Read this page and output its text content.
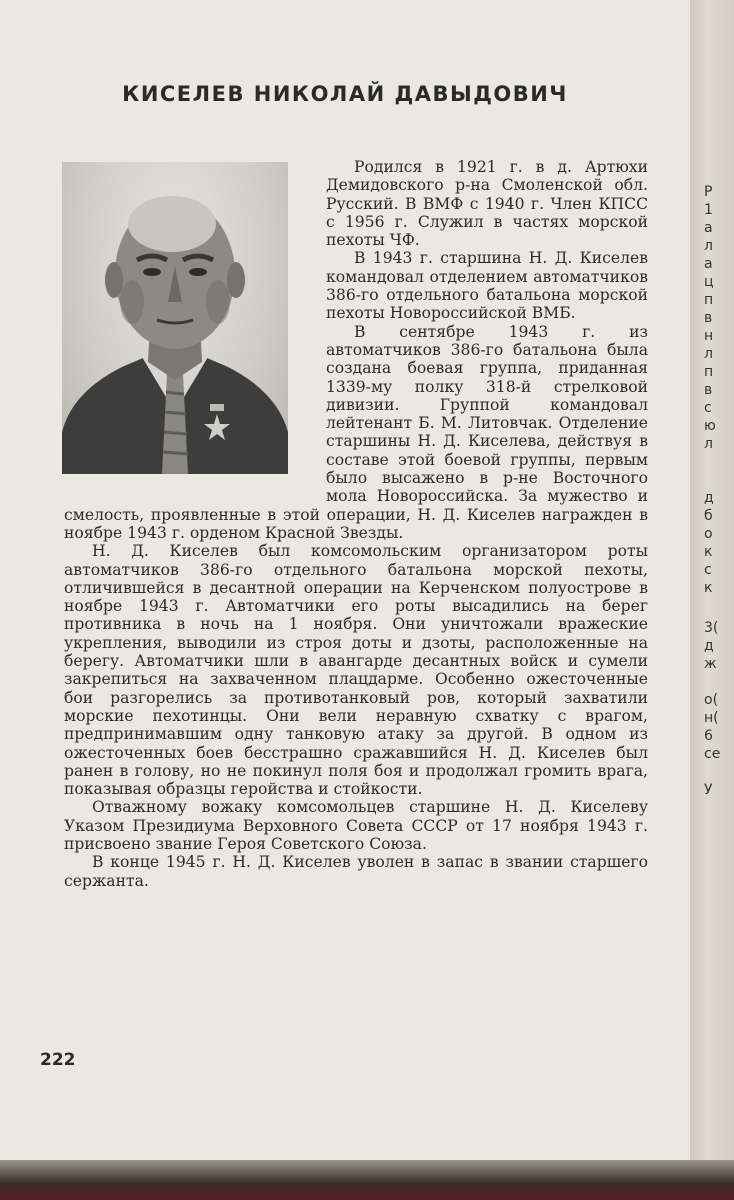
КИСЕЛЕВ НИКОЛАЙ ДАВЫДОВИЧ

Родился в 1921 г. в д. Артюхи Демидовского р-на Смоленской обл. Русский. В ВМФ с 1940 г. Член КПСС с 1956 г. Служил в частях морской пехоты ЧФ.

В 1943 г. старшина Н. Д. Киселев командовал отделением автоматчиков 386-го отдельного батальона морской пехоты Новороссийской ВМБ.

В сентябре 1943 г. из автоматчиков 386-го батальона была создана боевая группа, приданная 1339-му полку 318-й стрелковой дивизии. Группой командовал лейтенант Б. М. Литовчак. Отделение старшины Н. Д. Киселева, действуя в составе этой боевой группы, первым было высажено в р-не Восточного мола Новороссийска. За мужество и смелость, проявленные в этой операции, Н. Д. Киселев награжден в ноябре 1943 г. орденом Красной Звезды.

Н. Д. Киселев был комсомольским организатором роты автоматчиков 386-го отдельного батальона морской пехоты, отличившейся в десантной операции на Керченском полуострове в ноябре 1943 г. Автоматчики его роты высадились на берег противника в ночь на 1 ноября. Они уничтожали вражеские укрепления, выводили из строя доты и дзоты, расположенные на берегу. Автоматчики шли в авангарде десантных войск и сумели закрепиться на захваченном плацдарме. Особенно ожесточенные бои разгорелись за противотанковый ров, который захватили морские пехотинцы. Они вели неравную схватку с врагом, предпринимавшим одну танковую атаку за другой. В одном из ожесточенных боев бесстрашно сражавшийся Н. Д. Киселев был ранен в голову, но не покинул поля боя и продолжал громить врага, показывая образцы геройства и стойкости.

Отважному вожаку комсомольцев старшине Н. Д. Киселеву Указом Президиума Верховного Совета СССР от 17 ноября 1943 г. присвоено звание Героя Советского Союза.

В конце 1945 г. Н. Д. Киселев уволен в запас в звании старшего сержанта.

222
Р
1
а
л
а
ц
п
в
н
л
п
в
с
ю
л
д
б
о
к
с
к
3(
д
ж
о(
н(
6
се
У
